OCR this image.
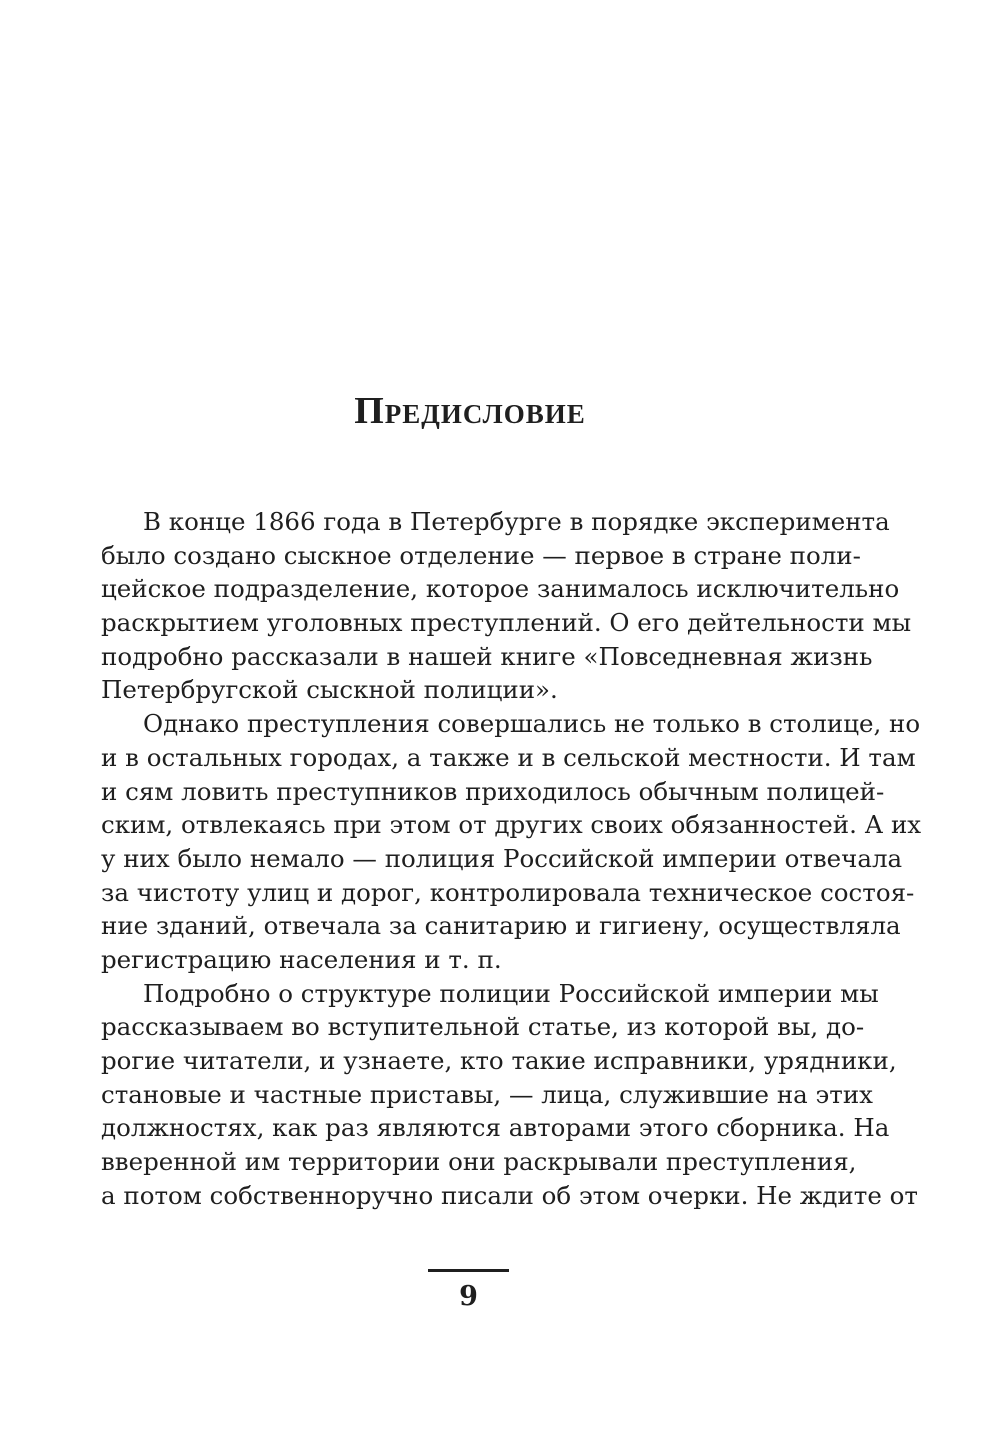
Предисловие
В конце 1866 года в Петербурге в порядке эксперимента
было создано сыскное отделение — первое в стране поли-
цейское подразделение, которое занималось исключительно
раскрытием уголовных преступлений. О его дейтельности мы
подробно рассказали в нашей книге «Повседневная жизнь
Петербругской сыскной полиции».
Однако преступления совершались не только в столице, но
и в остальных городах, а также и в сельской местности. И там
и сям ловить преступников приходилось обычным полицей-
ским, отвлекаясь при этом от других своих обязанностей. А их
у них было немало — полиция Российской империи отвечала
за чистоту улиц и дорог, контролировала техническое состоя-
ние зданий, отвечала за санитарию и гигиену, осуществляла
регистрацию населения и т. п.
Подробно о структуре полиции Российской империи мы
рассказываем во вступительной статье, из которой вы, до-
рогие читатели, и узнаете, кто такие исправники, урядники,
становые и частные приставы, — лица, служившие на этих
должностях, как раз являются авторами этого сборника. На
вверенной им территории они раскрывали преступления,
а потом собственноручно писали об этом очерки. Не ждите от
9
